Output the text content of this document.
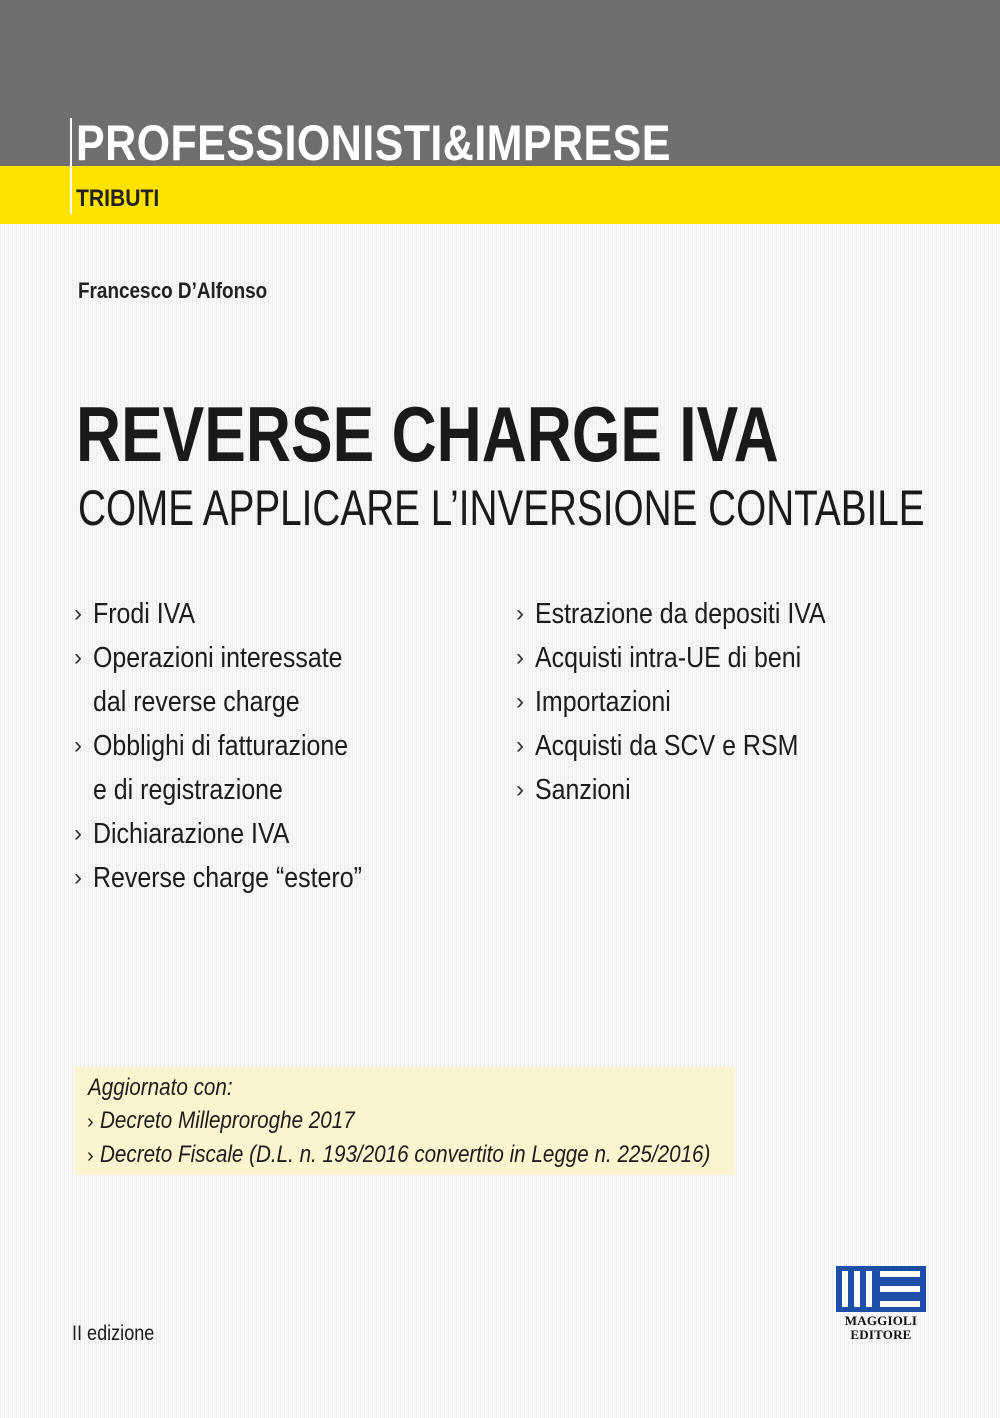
PROFESSIONISTI&IMPRESE
TRIBUTI
Francesco D’Alfonso
REVERSE CHARGE IVA
COME APPLICARE L’INVERSIONE CONTABILE
› Frodi IVA
› Operazioni interessate
dal reverse charge
› Obblighi di fatturazione
e di registrazione
› Dichiarazione IVA
› Reverse charge “estero”
› Estrazione da depositi IVA
› Acquisti intra-UE di beni
› Importazioni
› Acquisti da SCV e RSM
› Sanzioni
Aggiornato con:
› Decreto Milleproroghe 2017
› Decreto Fiscale (D.L. n. 193/2016 convertito in Legge n. 225/2016)
II edizione
MAGGIOLI
EDITORE
